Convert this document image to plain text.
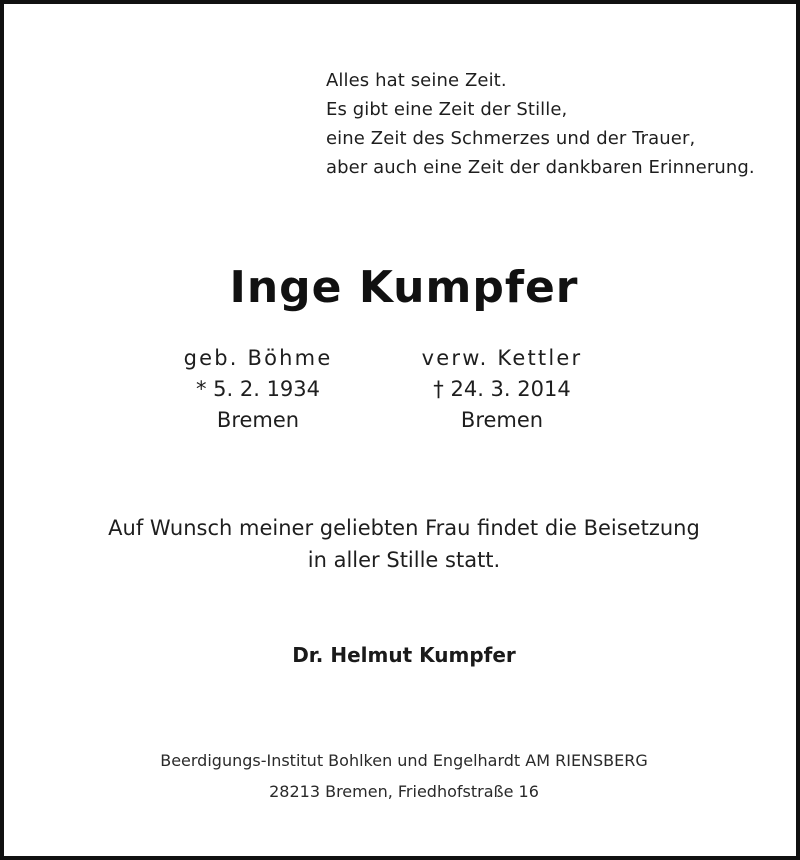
Alles hat seine Zeit.
Es gibt eine Zeit der Stille,
eine Zeit des Schmerzes und der Trauer,
aber auch eine Zeit der dankbaren Erinnerung.
Inge Kumpfer
geb. Böhme
* 5. 2. 1934
Bremen
verw. Kettler
† 24. 3. 2014
Bremen
Auf Wunsch meiner geliebten Frau findet die Beisetzung
in aller Stille statt.
Dr. Helmut Kumpfer
Beerdigungs-Institut Bohlken und Engelhardt AM RIENSBERG
28213 Bremen, Friedhofstraße 16
